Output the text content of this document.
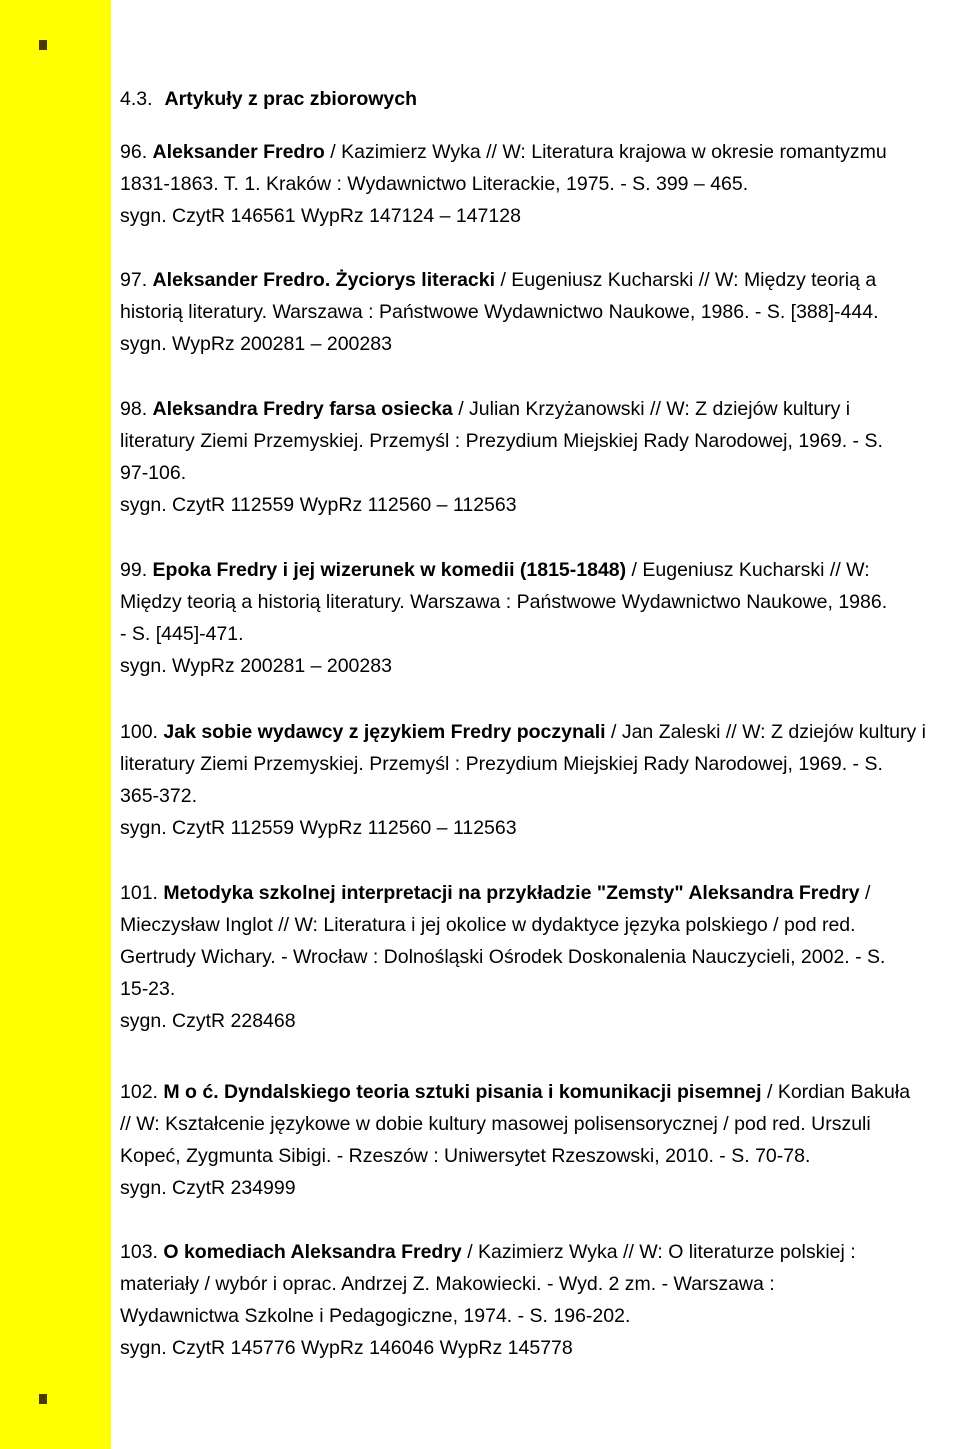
4.3. Artykuły z prac zbiorowych
96. Aleksander Fredro / Kazimierz Wyka // W: Literatura krajowa w okresie romantyzmu
1831-1863. T. 1. Kraków : Wydawnictwo Literackie, 1975. - S. 399 – 465.
sygn. CzytR 146561 WypRz 147124 – 147128
97. Aleksander Fredro. Życiorys literacki / Eugeniusz Kucharski // W: Między teorią a
historią literatury. Warszawa : Państwowe Wydawnictwo Naukowe, 1986. - S. [388]-444.
sygn. WypRz 200281 – 200283
98. Aleksandra Fredry farsa osiecka / Julian Krzyżanowski // W: Z dziejów kultury i
literatury Ziemi Przemyskiej. Przemyśl : Prezydium Miejskiej Rady Narodowej, 1969. - S.
97-106.
sygn. CzytR 112559 WypRz 112560 – 112563
99. Epoka Fredry i jej wizerunek w komedii (1815-1848) / Eugeniusz Kucharski // W:
Między teorią a historią literatury. Warszawa : Państwowe Wydawnictwo Naukowe, 1986.
- S. [445]-471.
sygn. WypRz 200281 – 200283
100. Jak sobie wydawcy z językiem Fredry poczynali / Jan Zaleski // W: Z dziejów kultury i
literatury Ziemi Przemyskiej. Przemyśl : Prezydium Miejskiej Rady Narodowej, 1969. - S.
365-372.
sygn. CzytR 112559 WypRz 112560 – 112563
101. Metodyka szkolnej interpretacji na przykładzie "Zemsty" Aleksandra Fredry /
Mieczysław Inglot // W: Literatura i jej okolice w dydaktyce języka polskiego / pod red.
Gertrudy Wichary. - Wrocław : Dolnośląski Ośrodek Doskonalenia Nauczycieli, 2002. - S.
15-23.
sygn. CzytR 228468
102. M o ć. Dyndalskiego teoria sztuki pisania i komunikacji pisemnej / Kordian Bakuła
// W: Kształcenie językowe w dobie kultury masowej polisensorycznej / pod red. Urszuli
Kopeć, Zygmunta Sibigi. - Rzeszów : Uniwersytet Rzeszowski, 2010. - S. 70-78.
sygn. CzytR 234999
103. O komediach Aleksandra Fredry / Kazimierz Wyka // W: O literaturze polskiej :
materiały / wybór i oprac. Andrzej Z. Makowiecki. - Wyd. 2 zm. - Warszawa :
Wydawnictwa Szkolne i Pedagogiczne, 1974. - S. 196-202.
sygn. CzytR 145776 WypRz 146046 WypRz 145778
